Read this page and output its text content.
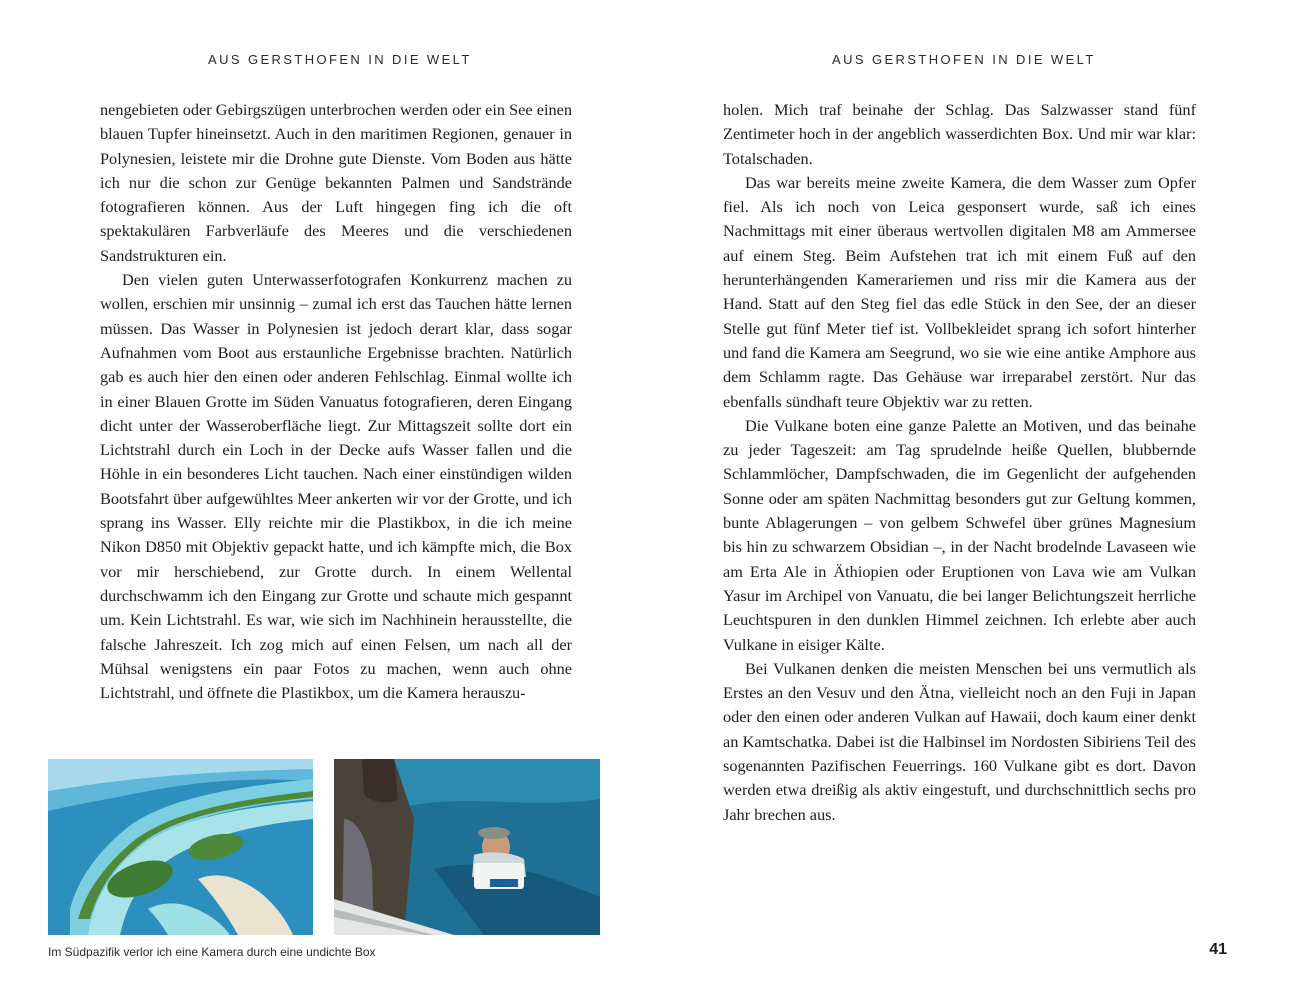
AUS GERSTHOFEN IN DIE WELT	AUS GERSTHOFEN IN DIE WELT

nengebieten oder Gebirgszügen unterbrochen werden oder ein See einen blauen Tupfer hineinsetzt. Auch in den maritimen Regionen, genauer in Polynesien, leistete mir die Drohne gute Dienste. Vom Boden aus hätte ich nur die schon zur Genüge bekannten Palmen und Sandstrände fotografieren können. Aus der Luft hingegen fing ich die oft spektakulären Farbverläufe des Meeres und die verschiedenen Sandstrukturen ein.

Den vielen guten Unterwasserfotografen Konkurrenz machen zu wollen, erschien mir unsinnig – zumal ich erst das Tauchen hätte lernen müssen. Das Wasser in Polynesien ist jedoch derart klar, dass sogar Aufnahmen vom Boot aus erstaunliche Ergebnisse brachten. Natürlich gab es auch hier den einen oder anderen Fehlschlag. Einmal wollte ich in einer Blauen Grotte im Süden Vanuatus fotografieren, deren Eingang dicht unter der Wasseroberfläche liegt. Zur Mittagszeit sollte dort ein Lichtstrahl durch ein Loch in der Decke aufs Wasser fallen und die Höhle in ein besonderes Licht tauchen. Nach einer einstündigen wilden Bootsfahrt über aufgewühltes Meer ankerten wir vor der Grotte, und ich sprang ins Wasser. Elly reichte mir die Plastikbox, in die ich meine Nikon D850 mit Objektiv gepackt hatte, und ich kämpfte mich, die Box vor mir herschiebend, zur Grotte durch. In einem Wellental durchschwamm ich den Eingang zur Grotte und schaute mich gespannt um. Kein Lichtstrahl. Es war, wie sich im Nachhinein herausstellte, die falsche Jahreszeit. Ich zog mich auf einen Felsen, um nach all der Mühsal wenigstens ein paar Fotos zu machen, wenn auch ohne Lichtstrahl, und öffnete die Plastikbox, um die Kamera herauszu-

holen. Mich traf beinahe der Schlag. Das Salzwasser stand fünf Zentimeter hoch in der angeblich wasserdichten Box. Und mir war klar: Totalschaden.

Das war bereits meine zweite Kamera, die dem Wasser zum Opfer fiel. Als ich noch von Leica gesponsert wurde, saß ich eines Nachmittags mit einer überaus wertvollen digitalen M8 am Ammersee auf einem Steg. Beim Aufstehen trat ich mit einem Fuß auf den herunterhängenden Kamerariemen und riss mir die Kamera aus der Hand. Statt auf den Steg fiel das edle Stück in den See, der an dieser Stelle gut fünf Meter tief ist. Vollbekleidet sprang ich sofort hinterher und fand die Kamera am Seegrund, wo sie wie eine antike Amphore aus dem Schlamm ragte. Das Gehäuse war irreparabel zerstört. Nur das ebenfalls sündhaft teure Objektiv war zu retten.

Die Vulkane boten eine ganze Palette an Motiven, und das beinahe zu jeder Tageszeit: am Tag sprudelnde heiße Quellen, blubbernde Schlammlöcher, Dampfschwaden, die im Gegenlicht der aufgehenden Sonne oder am späten Nachmittag besonders gut zur Geltung kommen, bunte Ablagerungen – von gelbem Schwefel über grünes Magnesium bis hin zu schwarzem Obsidian –, in der Nacht brodelnde Lavaseen wie am Erta Ale in Äthiopien oder Eruptionen von Lava wie am Vulkan Yasur im Archipel von Vanuatu, die bei langer Belichtungszeit herrliche Leuchtspuren in den dunklen Himmel zeichnen. Ich erlebte aber auch Vulkane in eisiger Kälte.

Bei Vulkanen denken die meisten Menschen bei uns vermutlich als Erstes an den Vesuv und den Ätna, vielleicht noch an den Fuji in Japan oder den einen oder anderen Vulkan auf Hawaii, doch kaum einer denkt an Kamtschatka. Dabei ist die Halbinsel im Nordosten Sibiriens Teil des sogenannten Pazifischen Feuerrings. 160 Vulkane gibt es dort. Davon werden etwa dreißig als aktiv eingestuft, und durchschnittlich sechs pro Jahr brechen aus.

Im Südpazifik verlor ich eine Kamera durch eine undichte Box	41
